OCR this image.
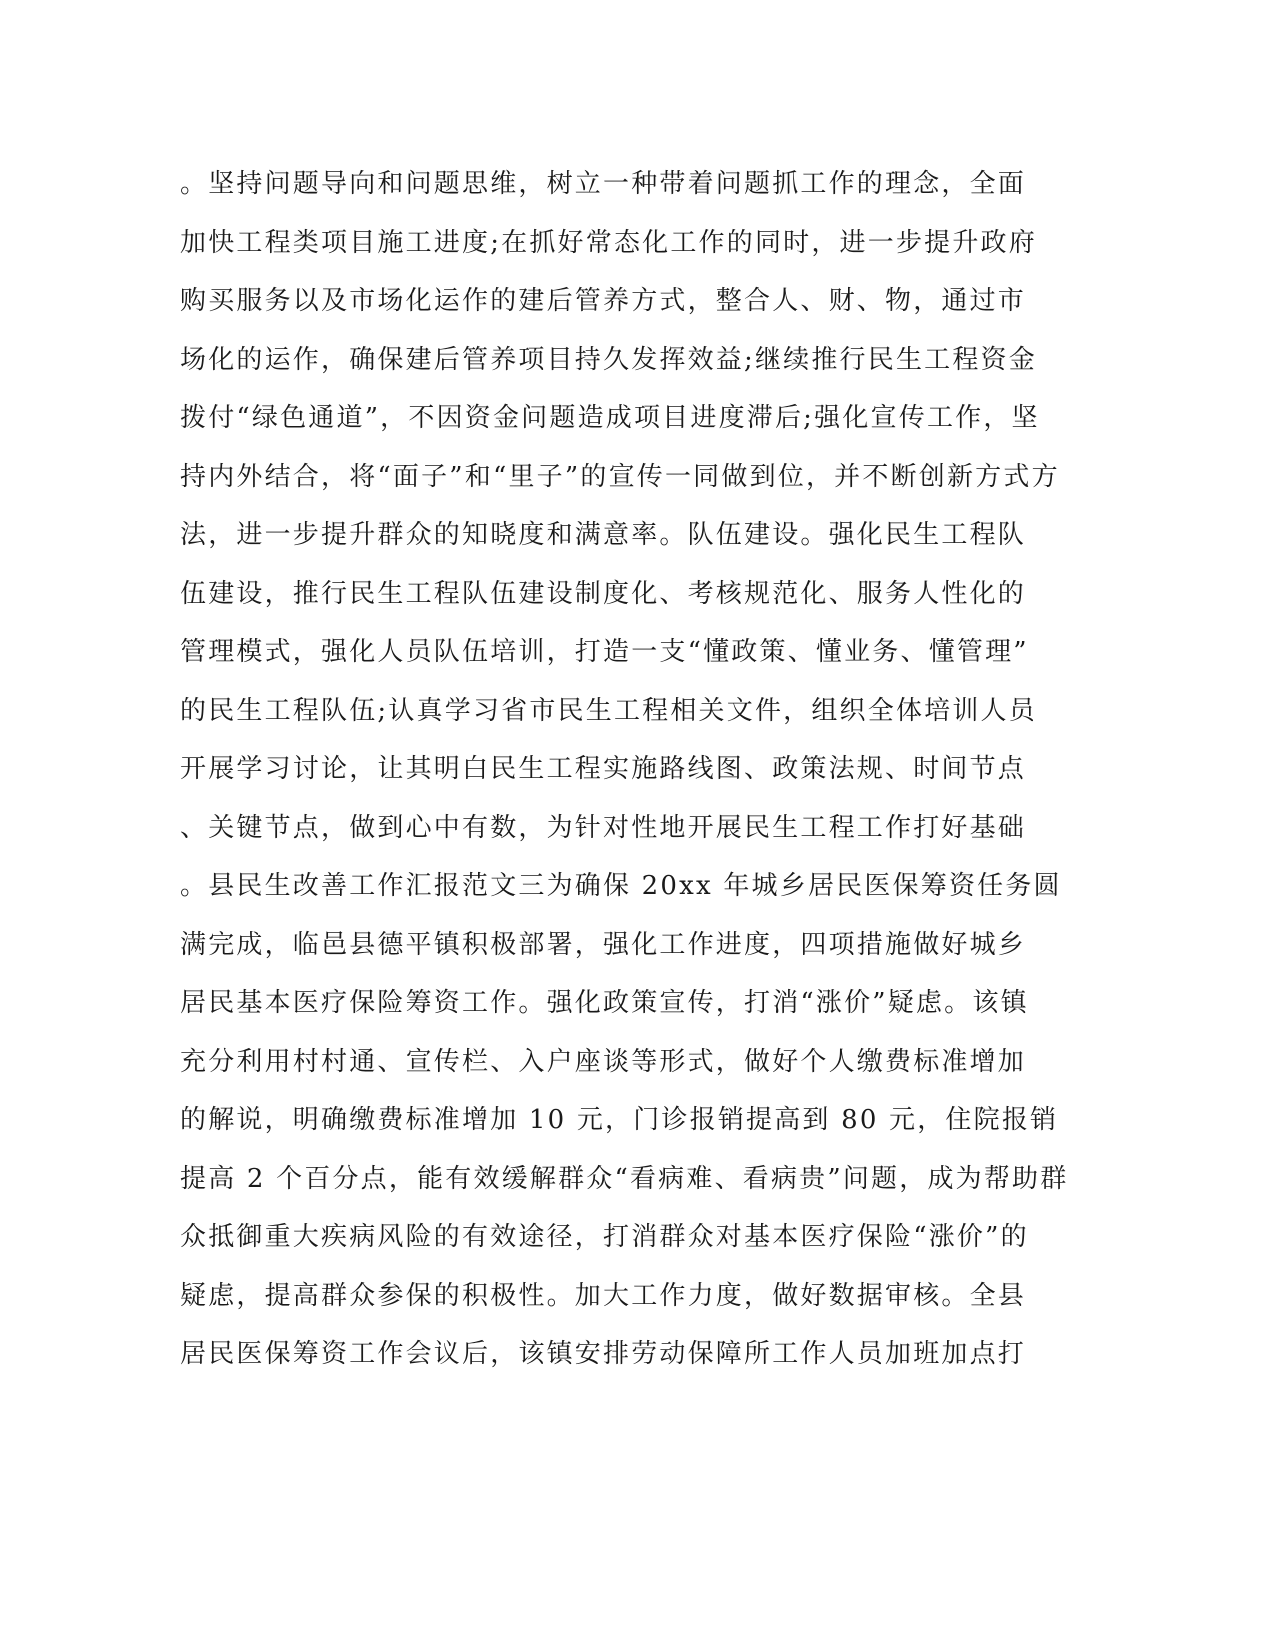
。坚持问题导向和问题思维，树立一种带着问题抓工作的理念，全面
加快工程类项目施工进度;在抓好常态化工作的同时，进一步提升政府
购买服务以及市场化运作的建后管养方式，整合人、财、物，通过市
场化的运作，确保建后管养项目持久发挥效益;继续推行民生工程资金
拨付“绿色通道”，不因资金问题造成项目进度滞后;强化宣传工作，坚
持内外结合，将“面子”和“里子”的宣传一同做到位，并不断创新方式方
法，进一步提升群众的知晓度和满意率。队伍建设。强化民生工程队
伍建设，推行民生工程队伍建设制度化、考核规范化、服务人性化的
管理模式，强化人员队伍培训，打造一支“懂政策、懂业务、懂管理”
的民生工程队伍;认真学习省市民生工程相关文件，组织全体培训人员
开展学习讨论，让其明白民生工程实施路线图、政策法规、时间节点
、关键节点，做到心中有数，为针对性地开展民生工程工作打好基础
。县民生改善工作汇报范文三为确保 20xx 年城乡居民医保筹资任务圆
满完成，临邑县德平镇积极部署，强化工作进度，四项措施做好城乡
居民基本医疗保险筹资工作。强化政策宣传，打消“涨价”疑虑。该镇
充分利用村村通、宣传栏、入户座谈等形式，做好个人缴费标准增加
的解说，明确缴费标准增加 10 元，门诊报销提高到 80 元，住院报销
提高 2 个百分点，能有效缓解群众“看病难、看病贵”问题，成为帮助群
众抵御重大疾病风险的有效途径，打消群众对基本医疗保险“涨价”的
疑虑，提高群众参保的积极性。加大工作力度，做好数据审核。全县
居民医保筹资工作会议后，该镇安排劳动保障所工作人员加班加点打
